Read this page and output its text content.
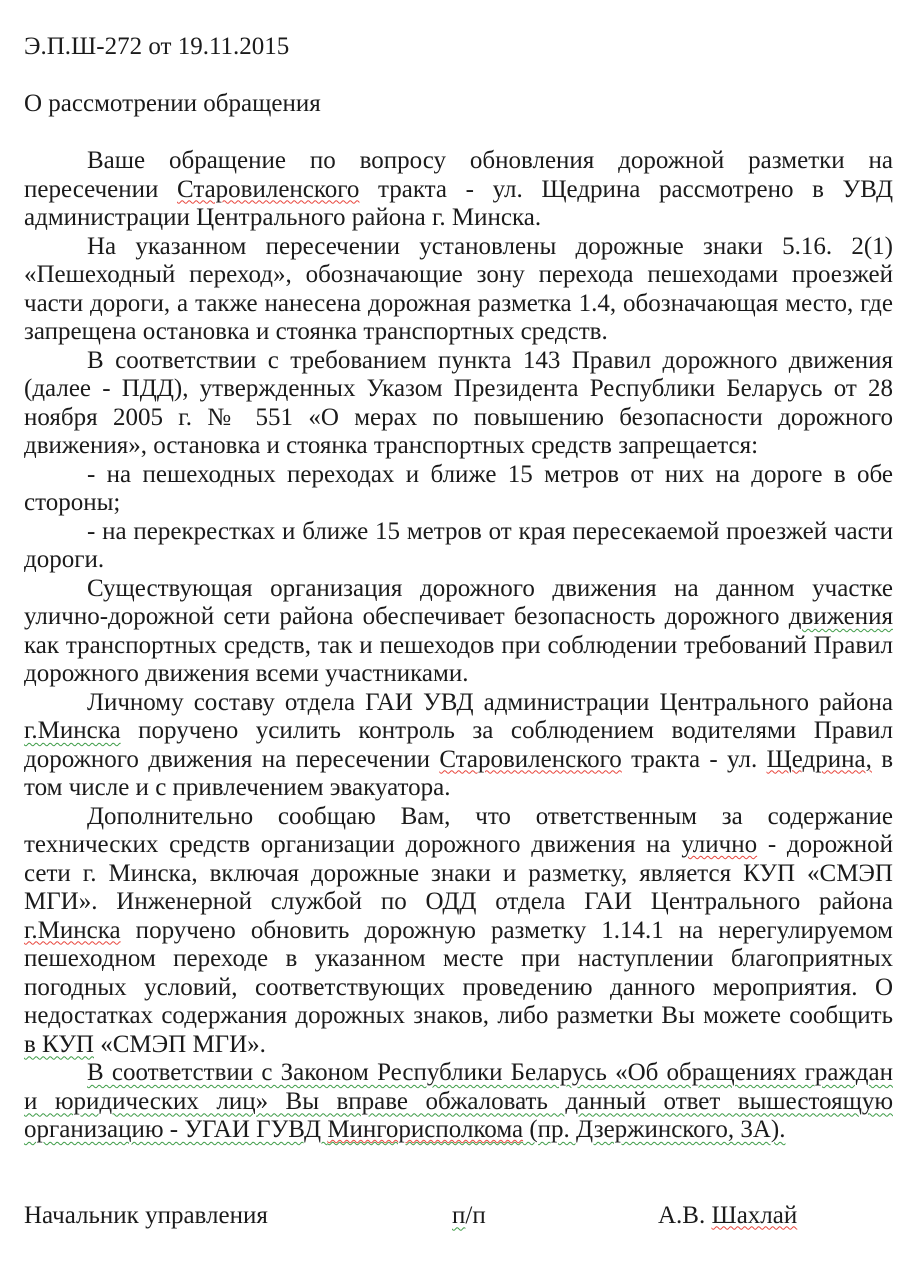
Э.П.Ш-272 от 19.11.2015
О рассмотрении обращения

Ваше обращение по вопросу обновления дорожной разметки на пересечении Старовиленского тракта - ул. Щедрина рассмотрено в УВД администрации Центрального района г. Минска.

На указанном пересечении установлены дорожные знаки 5.16. 2(1) «Пешеходный переход», обозначающие зону перехода пешеходами проезжей части дороги, а также нанесена дорожная разметка 1.4, обозначающая место, где запрещена остановка и стоянка транспортных средств.

В соответствии с требованием пункта 143 Правил дорожного движения (далее - ПДД), утвержденных Указом Президента Республики Беларусь от 28 ноября 2005 г. № 551 «О мерах по повышению безопасности дорожного движения», остановка и стоянка транспортных средств запрещается:

- на пешеходных переходах и ближе 15 метров от них на дороге в обе стороны;

- на перекрестках и ближе 15 метров от края пересекаемой проезжей части дороги.

Существующая организация дорожного движения на данном участке улично-дорожной сети района обеспечивает безопасность дорожного движения как транспортных средств, так и пешеходов при соблюдении требований Правил дорожного движения всеми участниками.

Личному составу отдела ГАИ УВД администрации Центрального района г.Минска поручено усилить контроль за соблюдением водителями Правил дорожного движения на пересечении Старовиленского тракта - ул. Щедрина, в том числе и с привлечением эвакуатора.

Дополнительно сообщаю Вам, что ответственным за содержание технических средств организации дорожного движения на улично - дорожной сети г. Минска, включая дорожные знаки и разметку, является КУП «СМЭП МГИ». Инженерной службой по ОДД отдела ГАИ Центрального района г.Минска поручено обновить дорожную разметку 1.14.1 на нерегулируемом пешеходном переходе в указанном месте при наступлении благоприятных погодных условий, соответствующих проведению данного мероприятия. О недостатках содержания дорожных знаков, либо разметки Вы можете сообщить в КУП «СМЭП МГИ».

В соответствии с Законом Республики Беларусь «Об обращениях граждан и юридических лиц» Вы вправе обжаловать данный ответ вышестоящую организацию - УГАИ ГУВД Мингорисполкома (пр. Дзержинского, 3А).

Начальник управления	п/п	А.В. Шахлай
